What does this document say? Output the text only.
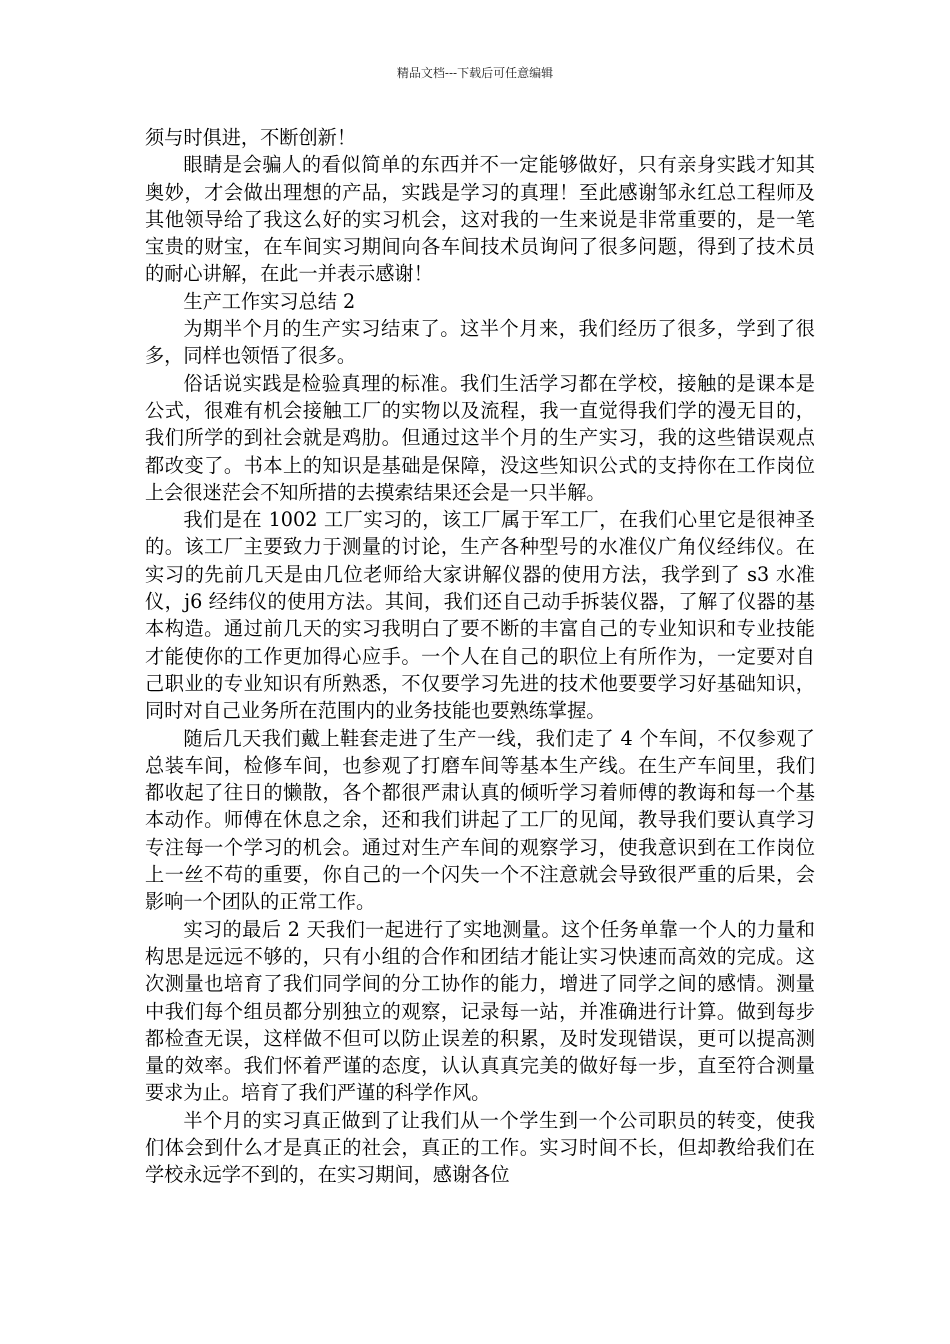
精品文档---下载后可任意编辑

须与时俱进，不断创新！

眼睛是会骗人的看似简单的东西并不一定能够做好，只有亲身实践才知其奥妙，才会做出理想的产品，实践是学习的真理！至此感谢邹永红总工程师及其他领导给了我这么好的实习机会，这对我的一生来说是非常重要的，是一笔宝贵的财宝，在车间实习期间向各车间技术员询问了很多问题，得到了技术员的耐心讲解，在此一并表示感谢！

生产工作实习总结 2

为期半个月的生产实习结束了。这半个月来，我们经历了很多，学到了很多，同样也领悟了很多。

俗话说实践是检验真理的标准。我们生活学习都在学校，接触的是课本是公式，很难有机会接触工厂的实物以及流程，我一直觉得我们学的漫无目的，我们所学的到社会就是鸡肋。但通过这半个月的生产实习，我的这些错误观点都改变了。书本上的知识是基础是保障，没这些知识公式的支持你在工作岗位上会很迷茫会不知所措的去摸索结果还会是一只半解。

我们是在 1002 工厂实习的，该工厂属于军工厂，在我们心里它是很神圣的。该工厂主要致力于测量的讨论，生产各种型号的水准仪广角仪经纬仪。在实习的先前几天是由几位老师给大家讲解仪器的使用方法，我学到了 s3 水准仪，j6 经纬仪的使用方法。其间，我们还自己动手拆装仪器，了解了仪器的基本构造。通过前几天的实习我明白了要不断的丰富自己的专业知识和专业技能才能使你的工作更加得心应手。一个人在自己的职位上有所作为，一定要对自己职业的专业知识有所熟悉，不仅要学习先进的技术他要要学习好基础知识，同时对自己业务所在范围内的业务技能也要熟练掌握。

随后几天我们戴上鞋套走进了生产一线，我们走了 4 个车间，不仅参观了总装车间，检修车间，也参观了打磨车间等基本生产线。在生产车间里，我们都收起了往日的懒散，各个都很严肃认真的倾听学习着师傅的教诲和每一个基本动作。师傅在休息之余，还和我们讲起了工厂的见闻，教导我们要认真学习专注每一个学习的机会。通过对生产车间的观察学习，使我意识到在工作岗位上一丝不苟的重要，你自己的一个闪失一个不注意就会导致很严重的后果，会影响一个团队的正常工作。

实习的最后 2 天我们一起进行了实地测量。这个任务单靠一个人的力量和构思是远远不够的，只有小组的合作和团结才能让实习快速而高效的完成。这次测量也培育了我们同学间的分工协作的能力，增进了同学之间的感情。测量中我们每个组员都分别独立的观察，记录每一站，并准确进行计算。做到每步都检查无误，这样做不但可以防止误差的积累，及时发现错误，更可以提高测量的效率。我们怀着严谨的态度，认认真真完美的做好每一步，直至符合测量要求为止。培育了我们严谨的科学作风。

半个月的实习真正做到了让我们从一个学生到一个公司职员的转变，使我们体会到什么才是真正的社会，真正的工作。实习时间不长，但却教给我们在学校永远学不到的，在实习期间，感谢各位
